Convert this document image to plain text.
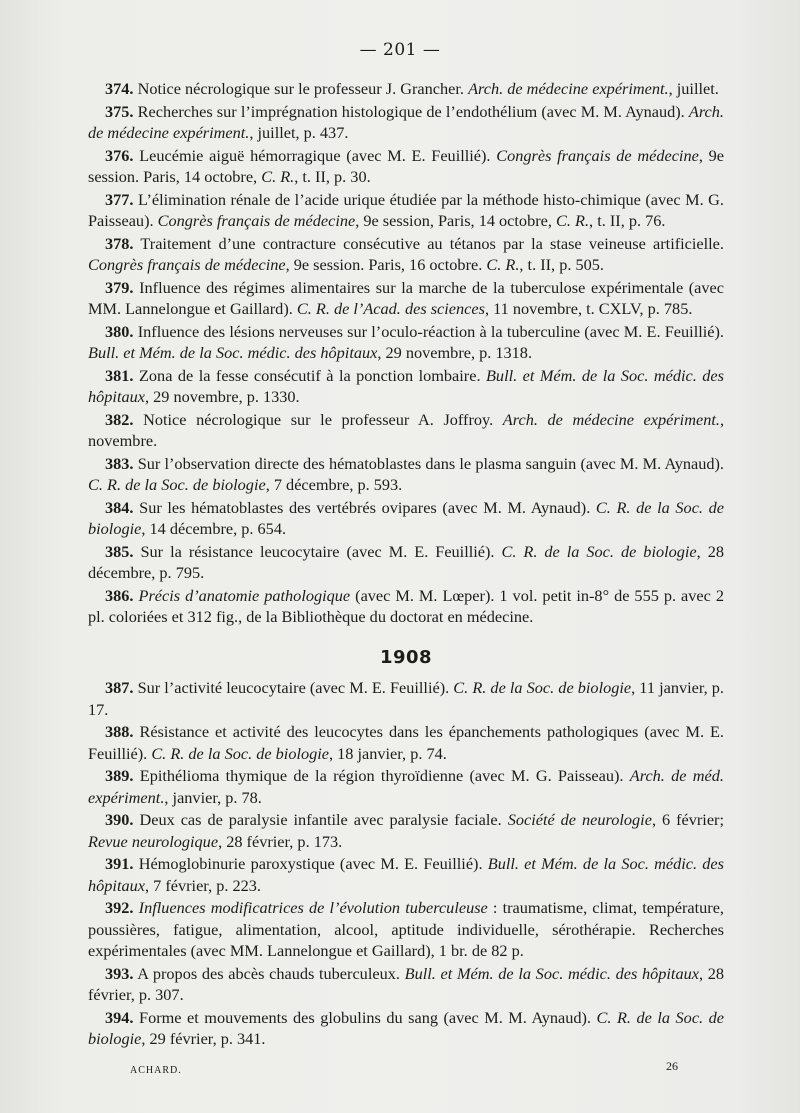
— 201 —

374. Notice nécrologique sur le professeur J. Grancher. Arch. de médecine expériment., juillet.

375. Recherches sur l’imprégnation histologique de l’endothélium (avec M. M. Aynaud). Arch. de médecine expériment., juillet, p. 437.

376. Leucémie aiguë hémorragique (avec M. E. Feuillié). Congrès français de médecine, 9e session. Paris, 14 octobre, C. R., t. II, p. 30.

377. L’élimination rénale de l’acide urique étudiée par la méthode histo-chimique (avec M. G. Paisseau). Congrès français de médecine, 9e session, Paris, 14 octobre, C. R., t. II, p. 76.

378. Traitement d’une contracture consécutive au tétanos par la stase veineuse artificielle. Congrès français de médecine, 9e session. Paris, 16 octobre. C. R., t. II, p. 505.

379. Influence des régimes alimentaires sur la marche de la tuberculose expérimentale (avec MM. Lannelongue et Gaillard). C. R. de l’Acad. des sciences, 11 novembre, t. CXLV, p. 785.

380. Influence des lésions nerveuses sur l’oculo-réaction à la tuberculine (avec M. E. Feuillié). Bull. et Mém. de la Soc. médic. des hôpitaux, 29 novembre, p. 1318.

381. Zona de la fesse consécutif à la ponction lombaire. Bull. et Mém. de la Soc. médic. des hôpitaux, 29 novembre, p. 1330.

382. Notice nécrologique sur le professeur A. Joffroy. Arch. de médecine expériment., novembre.

383. Sur l’observation directe des hématoblastes dans le plasma sanguin (avec M. M. Aynaud). C. R. de la Soc. de biologie, 7 décembre, p. 593.

384. Sur les hématoblastes des vertébrés ovipares (avec M. M. Aynaud). C. R. de la Soc. de biologie, 14 décembre, p. 654.

385. Sur la résistance leucocytaire (avec M. E. Feuillié). C. R. de la Soc. de biologie, 28 décembre, p. 795.

386. Précis d’anatomie pathologique (avec M. M. Lœper). 1 vol. petit in-8° de 555 p. avec 2 pl. coloriées et 312 fig., de la Bibliothèque du doctorat en médecine.

1908

387. Sur l’activité leucocytaire (avec M. E. Feuillié). C. R. de la Soc. de biologie, 11 janvier, p. 17.

388. Résistance et activité des leucocytes dans les épanchements pathologiques (avec M. E. Feuillié). C. R. de la Soc. de biologie, 18 janvier, p. 74.

389. Epithélioma thymique de la région thyroïdienne (avec M. G. Paisseau). Arch. de méd. expériment., janvier, p. 78.

390. Deux cas de paralysie infantile avec paralysie faciale. Société de neurologie, 6 février; Revue neurologique, 28 février, p. 173.

391. Hémoglobinurie paroxystique (avec M. E. Feuillié). Bull. et Mém. de la Soc. médic. des hôpitaux, 7 février, p. 223.

392. Influences modificatrices de l’évolution tuberculeuse : traumatisme, climat, température, poussières, fatigue, alimentation, alcool, aptitude individuelle, sérothérapie. Recherches expérimentales (avec MM. Lannelongue et Gaillard), 1 br. de 82 p.

393. A propos des abcès chauds tuberculeux. Bull. et Mém. de la Soc. médic. des hôpitaux, 28 février, p. 307.

394. Forme et mouvements des globulins du sang (avec M. M. Aynaud). C. R. de la Soc. de biologie, 29 février, p. 341.

ACHARD.	26
